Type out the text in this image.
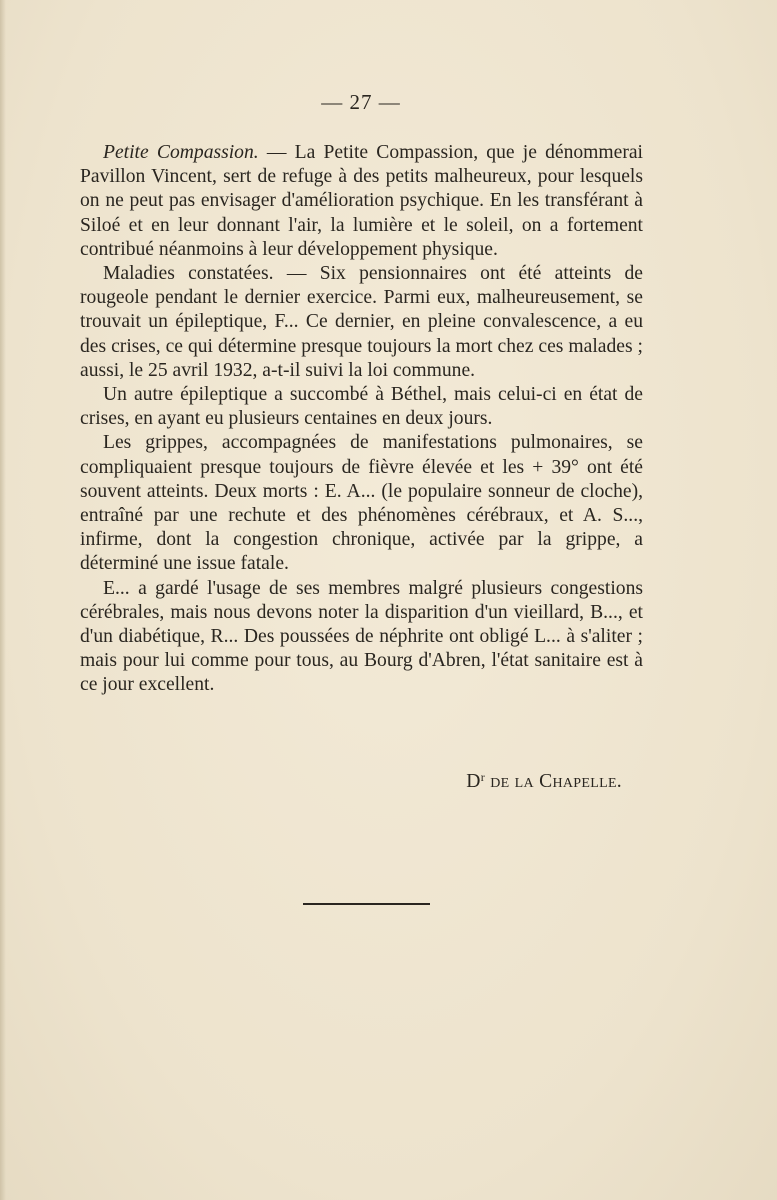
— 27 —

Petite Compassion. — La Petite Compassion, que je dénommerai Pavillon Vincent, sert de refuge à des petits malheureux, pour lesquels on ne peut pas envisager d'amélioration psychique. En les transférant à Siloé et en leur donnant l'air, la lumière et le soleil, on a fortement contribué néanmoins à leur développement physique.

Maladies constatées. — Six pensionnaires ont été atteints de rougeole pendant le dernier exercice. Parmi eux, malheureusement, se trouvait un épileptique, F... Ce dernier, en pleine convalescence, a eu des crises, ce qui détermine presque toujours la mort chez ces malades ; aussi, le 25 avril 1932, a-t-il suivi la loi commune.

Un autre épileptique a succombé à Béthel, mais celui-ci en état de crises, en ayant eu plusieurs centaines en deux jours.

Les grippes, accompagnées de manifestations pulmonaires, se compliquaient presque toujours de fièvre élevée et les + 39° ont été souvent atteints. Deux morts : E. A... (le populaire sonneur de cloche), entraîné par une rechute et des phénomènes cérébraux, et A. S..., infirme, dont la congestion chronique, activée par la grippe, a déterminé une issue fatale.

E... a gardé l'usage de ses membres malgré plusieurs congestions cérébrales, mais nous devons noter la disparition d'un vieillard, B..., et d'un diabétique, R... Des poussées de néphrite ont obligé L... à s'aliter ; mais pour lui comme pour tous, au Bourg d'Abren, l'état sanitaire est à ce jour excellent.

$D^r$ de la Chapelle.
